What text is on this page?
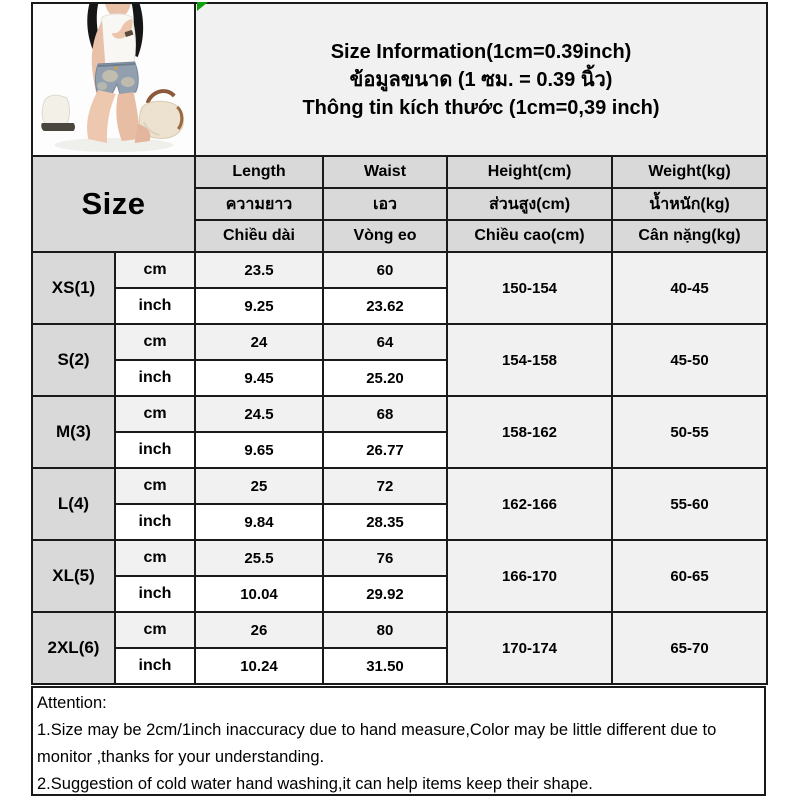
Size Information(1cm=0.39inch)
ข้อมูลขนาด (1 ซม. = 0.39 นิ้ว)
Thông tin kích thước (1cm=0,39 inch)			

Size		Length	Waist	Height(cm)	Weight(kg)
		ความยาว	เอว	ส่วนสูง(cm)	น้ำหนัก(kg)
		Chiều dài	Vòng eo	Chiều cao(cm)	Cân nặng(kg)
XS(1)	cm	23.5	60	150-154	40-45
	inch	9.25	23.62		
S(2)	cm	24	64	154-158	45-50
	inch	9.45	25.20		
M(3)	cm	24.5	68	158-162	50-55
	inch	9.65	26.77		
L(4)	cm	25	72	162-166	55-60
	inch	9.84	28.35		
XL(5)	cm	25.5	76	166-170	60-65
	inch	10.04	29.92		
2XL(6)	cm	26	80	170-174	65-70
	inch	10.24	31.50		

Attention:

1.Size may be 2cm/1inch inaccuracy due to hand measure,Color may be little different due to monitor ,thanks for your understanding.

2.Suggestion of cold water hand washing,it can help items keep their shape.
